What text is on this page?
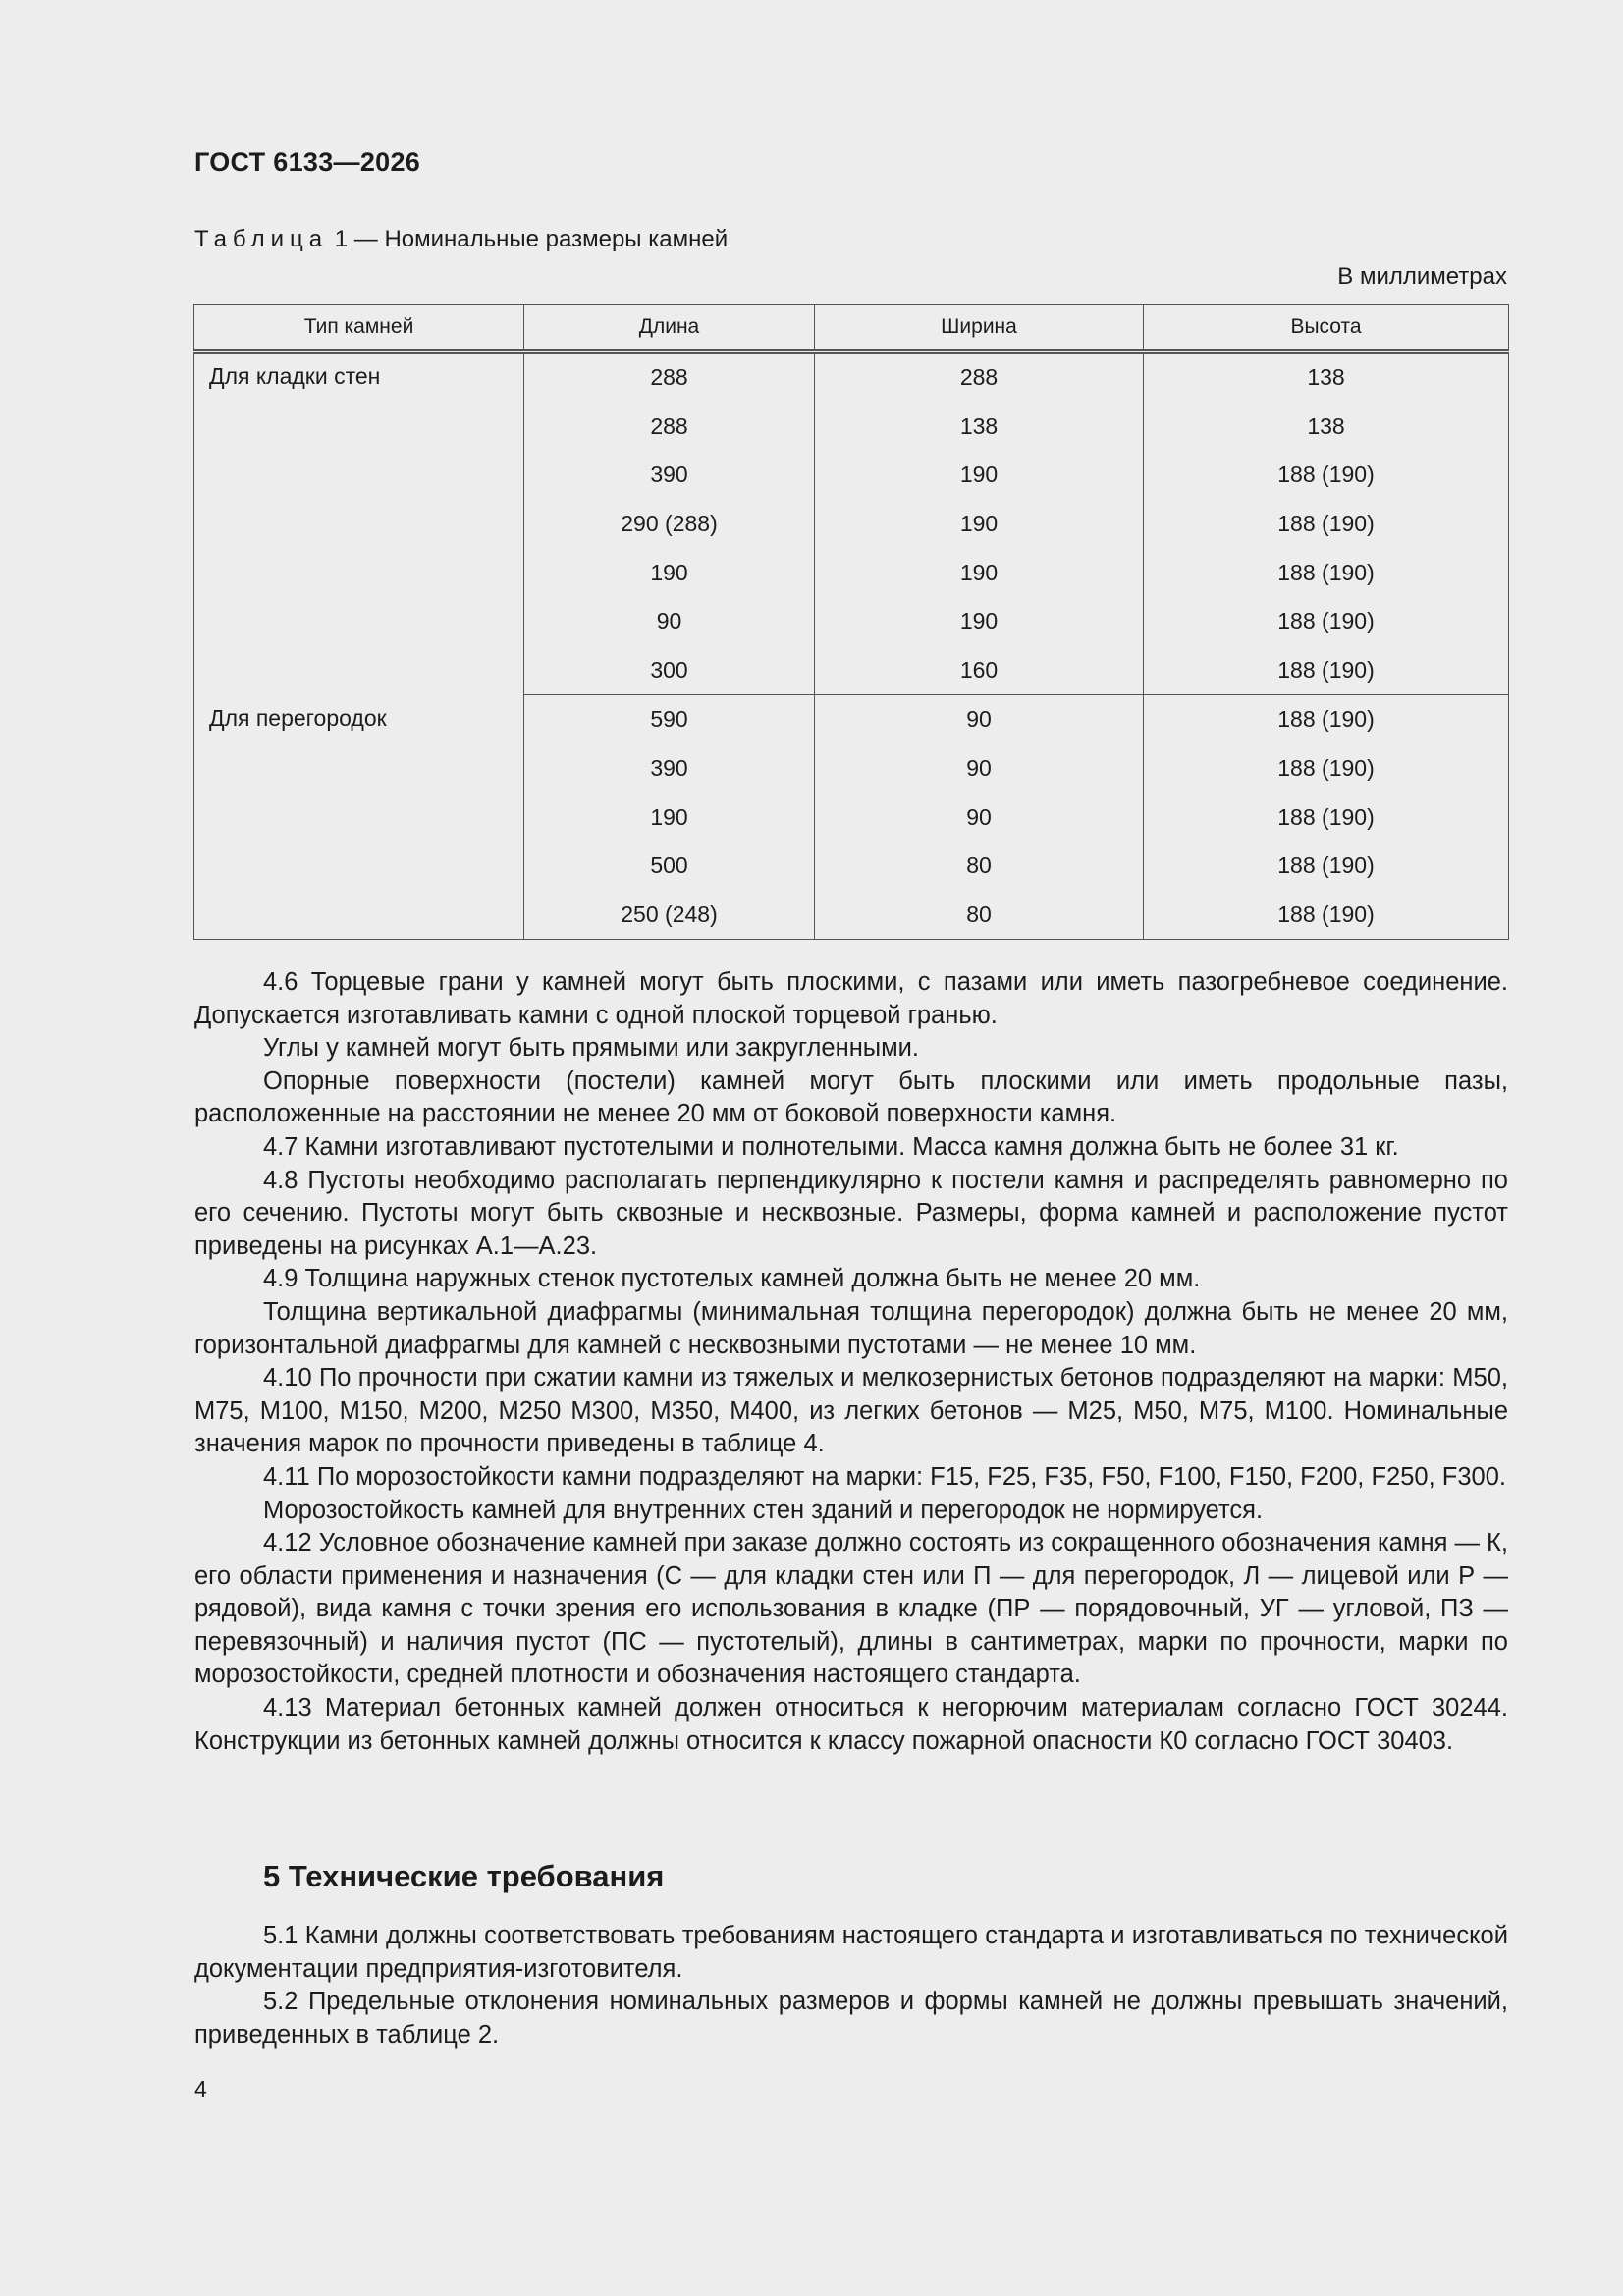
ГОСТ 6133—2026
Таблица 1 — Номинальные размеры камней
В миллиметрах
Тип камней	Длина	Ширина	Высота
Для кладки стен	288	288	138
	288	138	138
	390	190	188 (190)
	290 (288)	190	188 (190)
	190	190	188 (190)
	90	190	188 (190)
	300	160	188 (190)
Для перегородок	590	90	188 (190)
	390	90	188 (190)
	190	90	188 (190)
	500	80	188 (190)
	250 (248)	80	188 (190)

4.6 Торцевые грани у камней могут быть плоскими, с пазами или иметь пазогребневое соединение. Допускается изготавливать камни с одной плоской торцевой гранью.

Углы у камней могут быть прямыми или закругленными.

Опорные поверхности (постели) камней могут быть плоскими или иметь продольные пазы, расположенные на расстоянии не менее 20 мм от боковой поверхности камня.

4.7 Камни изготавливают пустотелыми и полнотелыми. Масса камня должна быть не более 31 кг.

4.8 Пустоты необходимо располагать перпендикулярно к постели камня и распределять равномерно по его сечению. Пустоты могут быть сквозные и несквозные. Размеры, форма камней и расположение пустот приведены на рисунках А.1—А.23.

4.9 Толщина наружных стенок пустотелых камней должна быть не менее 20 мм.

Толщина вертикальной диафрагмы (минимальная толщина перегородок) должна быть не менее 20 мм, горизонтальной диафрагмы для камней с несквозными пустотами — не менее 10 мм.

4.10 По прочности при сжатии камни из тяжелых и мелкозернистых бетонов подразделяют на марки: М50, М75, М100, М150, М200, М250 М300, М350, М400, из легких бетонов — М25, М50, М75, М100. Номинальные значения марок по прочности приведены в таблице 4.

4.11 По морозостойкости камни подразделяют на марки: F15, F25, F35, F50, F100, F150, F200, F250, F300.

Морозостойкость камней для внутренних стен зданий и перегородок не нормируется.

4.12 Условное обозначение камней при заказе должно состоять из сокращенного обозначения камня — К, его области применения и назначения (С — для кладки стен или П — для перегородок, Л — лицевой или Р — рядовой), вида камня с точки зрения его использования в кладке (ПР — порядовочный, УГ — угловой, ПЗ — перевязочный) и наличия пустот (ПС — пустотелый), длины в сантиметрах, марки по прочности, марки по морозостойкости, средней плотности и обозначения настоящего стандарта.

4.13 Материал бетонных камней должен относиться к негорючим материалам согласно ГОСТ 30244. Конструкции из бетонных камней должны относится к классу пожарной опасности К0 согласно ГОСТ 30403.

5 Технические требования

5.1 Камни должны соответствовать требованиям настоящего стандарта и изготавливаться по технической документации предприятия-изготовителя.

5.2 Предельные отклонения номинальных размеров и формы камней не должны превышать значений, приведенных в таблице 2.

4
